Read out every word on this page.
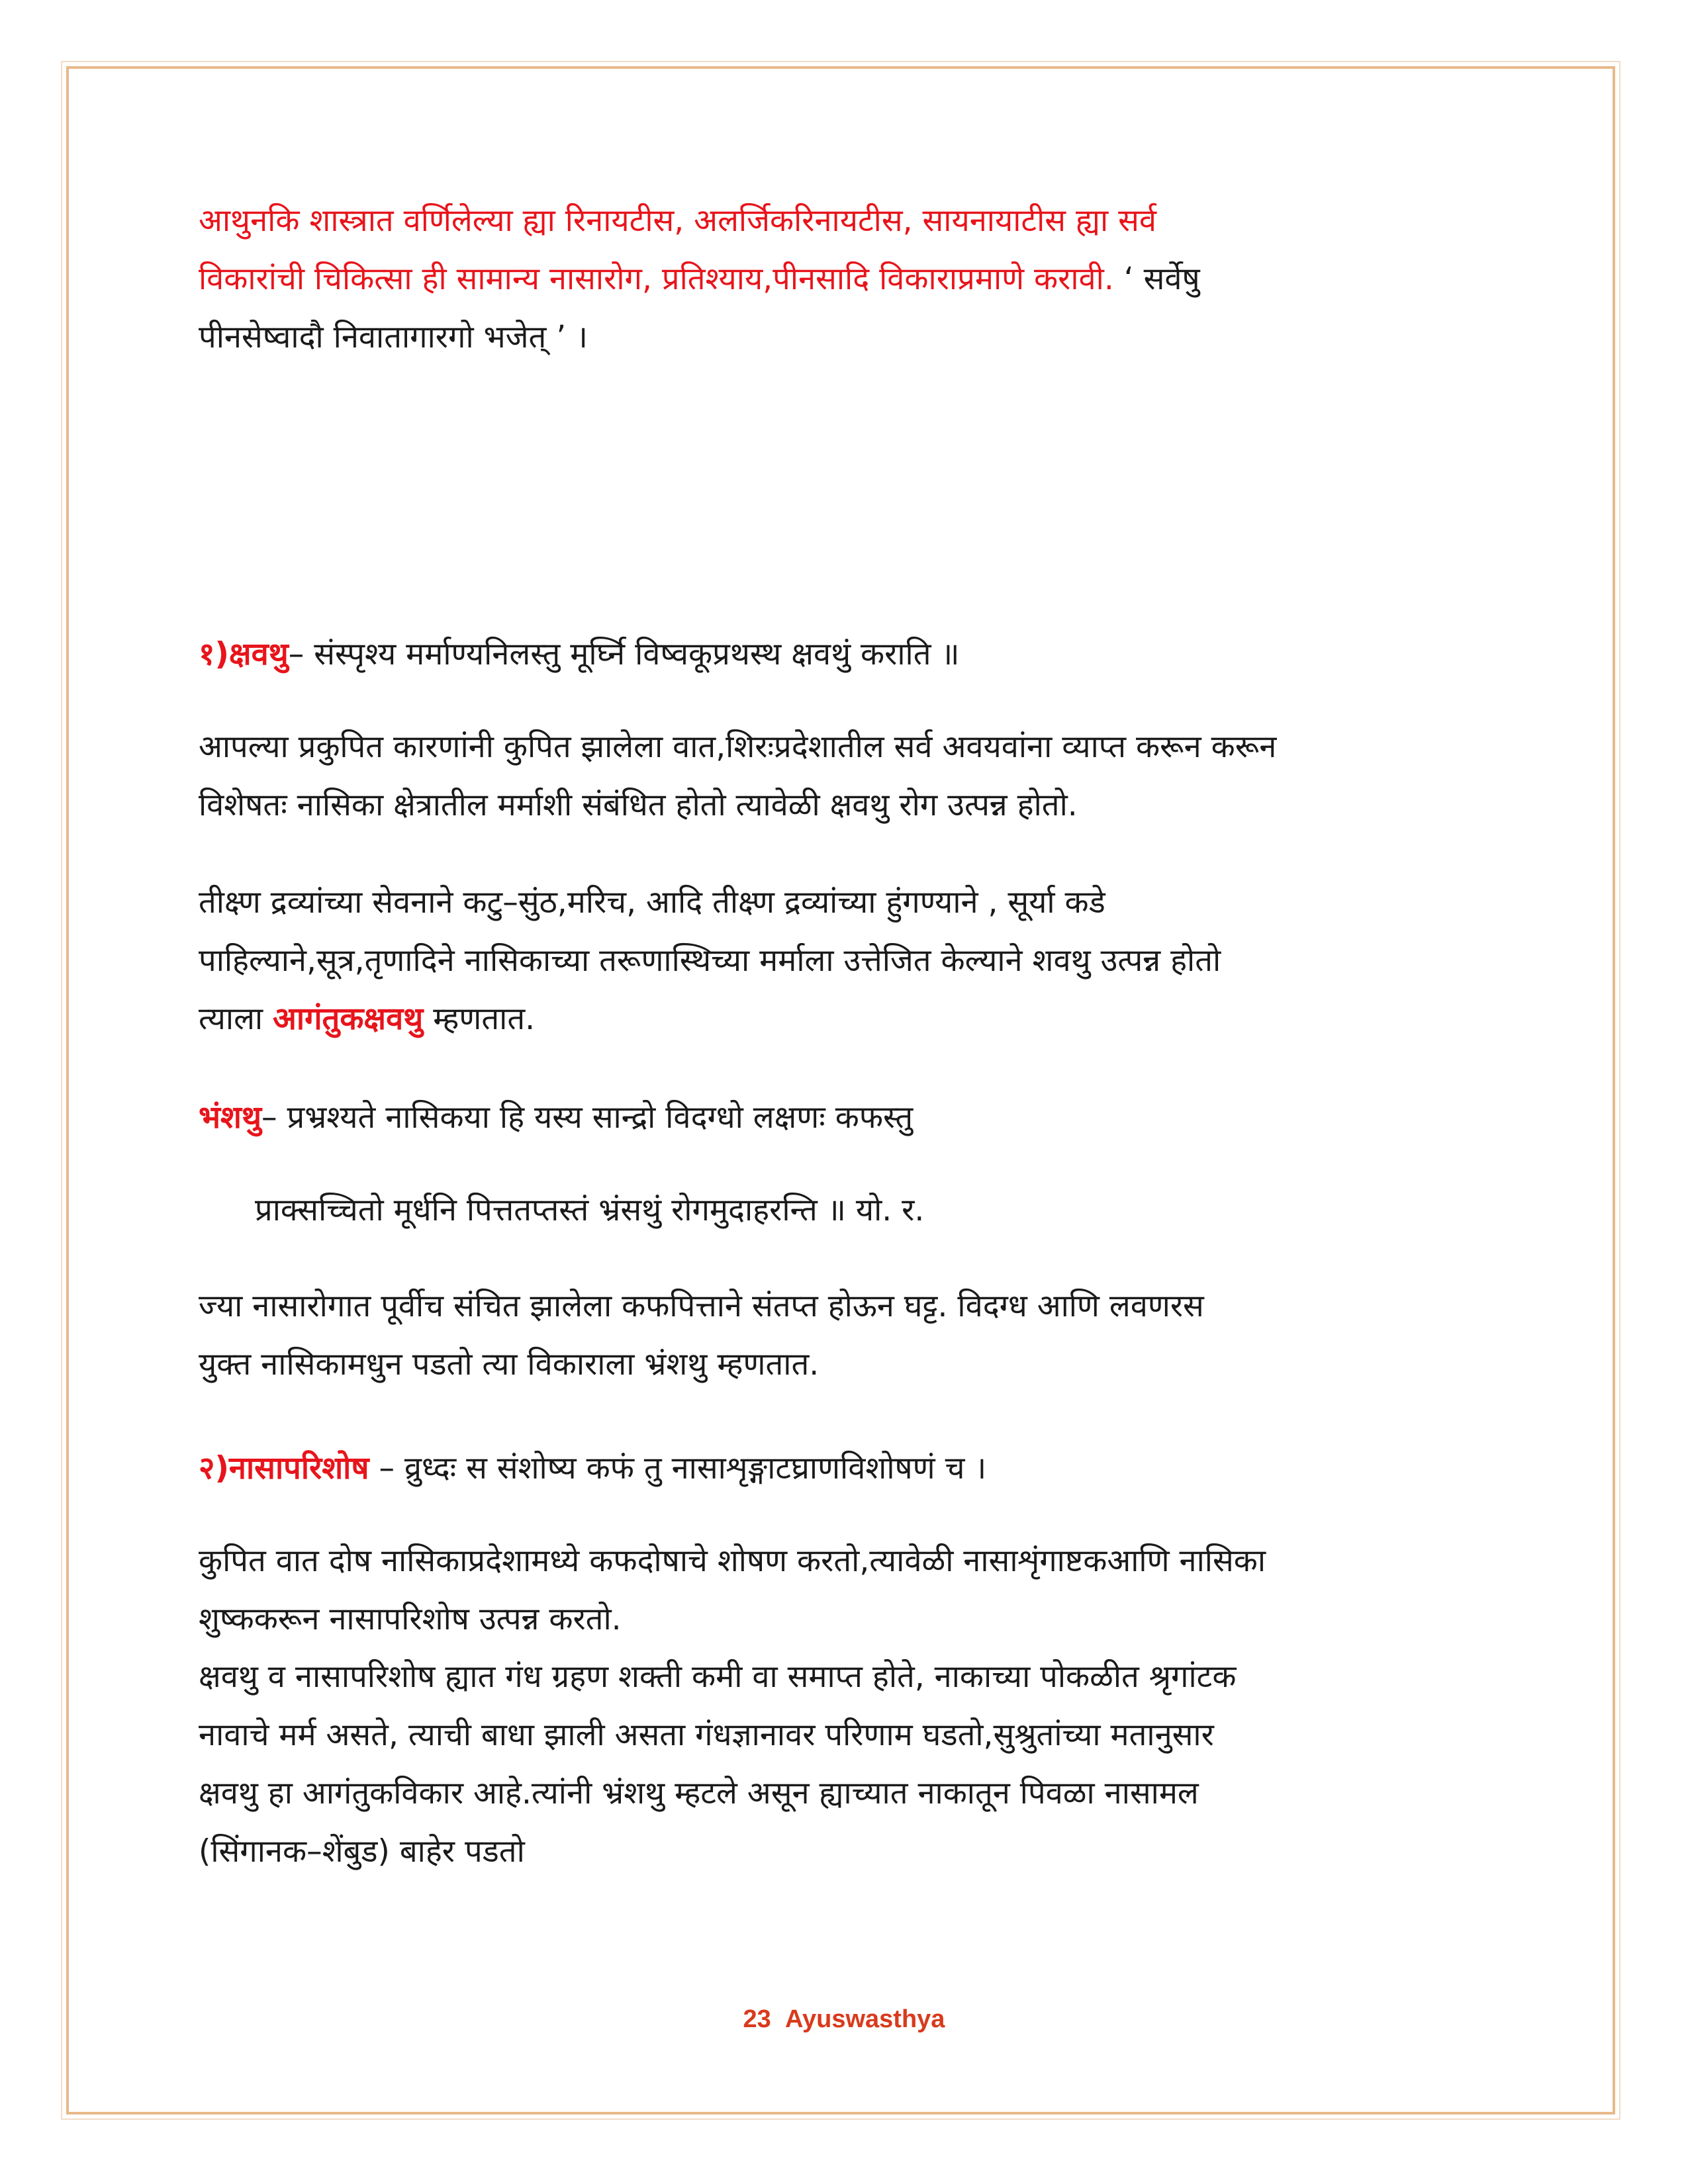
आथुनकि शास्त्रात वर्णिलेल्या ह्या रिनायटीस, अलर्जिकरिनायटीस, सायनायाटीस ह्या सर्व
विकारांची चिकित्सा ही सामान्य नासारोग, प्रतिश्याय,पीनसादि विकाराप्रमाणे करावी. ‘ सर्वेषु
पीनसेष्वादौ निवातागारगो भजेत् ’ ।
१)क्षवथु– संस्पृश्य मर्माण्यनिलस्तु मूर्घ्नि विष्वकूप्रथस्थ क्षवथुं कराति ॥
आपल्या प्रकुपित कारणांनी कुपित झालेला वात,शिरःप्रदेशातील सर्व अवयवांना व्याप्त करून करून
विशेषतः नासिका क्षेत्रातील मर्माशी संबंधित होतो त्यावेळी क्षवथु रोग उत्पन्न होतो.
तीक्ष्ण द्रव्यांच्या सेवनाने कटु–सुंठ,मरिच, आदि तीक्ष्ण द्रव्यांच्या हुंगण्याने , सूर्या कडे
पाहिल्याने,सूत्र,तृणादिने नासिकाच्या तरूणास्थिच्या मर्माला उत्तेजित केल्याने शवथु उत्पन्न होतो
त्याला आगंतुकक्षवथु म्हणतात.
भंशथु– प्रभ्रश्यते नासिकया हि यस्य सान्द्रो विदग्धो लक्षणः कफस्तु
प्राक्सच्चितो मूर्धनि पित्ततप्तस्तं भ्रंसथुं रोगमुदाहरन्ति ॥ यो. र.
ज्या नासारोगात पूर्वीच संचित झालेला कफपित्ताने संतप्त होऊन घट्ट. विदग्ध आणि लवणरस
युक्त नासिकामधुन पडतो त्या विकाराला भ्रंशथु म्हणतात.
२)नासापरिशोष – व्रुध्दः स संशोष्य कफं तु नासाशृङ्गाटघ्राणविशोषणं च ।
कुपित वात दोष नासिकाप्रदेशामध्ये कफदोषाचे शोषण करतो,त्यावेळी नासाशृंगाष्टकआणि नासिका
शुष्ककरून नासापरिशोष उत्पन्न करतो.
क्षवथु व नासापरिशोष ह्यात गंध ग्रहण शक्ती कमी वा समाप्त होते, नाकाच्या पोकळीत श्रृगांटक
नावाचे मर्म असते, त्याची बाधा झाली असता गंधज्ञानावर परिणाम घडतो,सुश्रुतांच्या मतानुसार
क्षवथु हा आगंतुकविकार आहे.त्यांनी भ्रंशथु म्हटले असून ह्याच्यात नाकातून पिवळा नासामल
(सिंगानक–शेंबुड) बाहेर पडतो
23 Ayuswasthya
